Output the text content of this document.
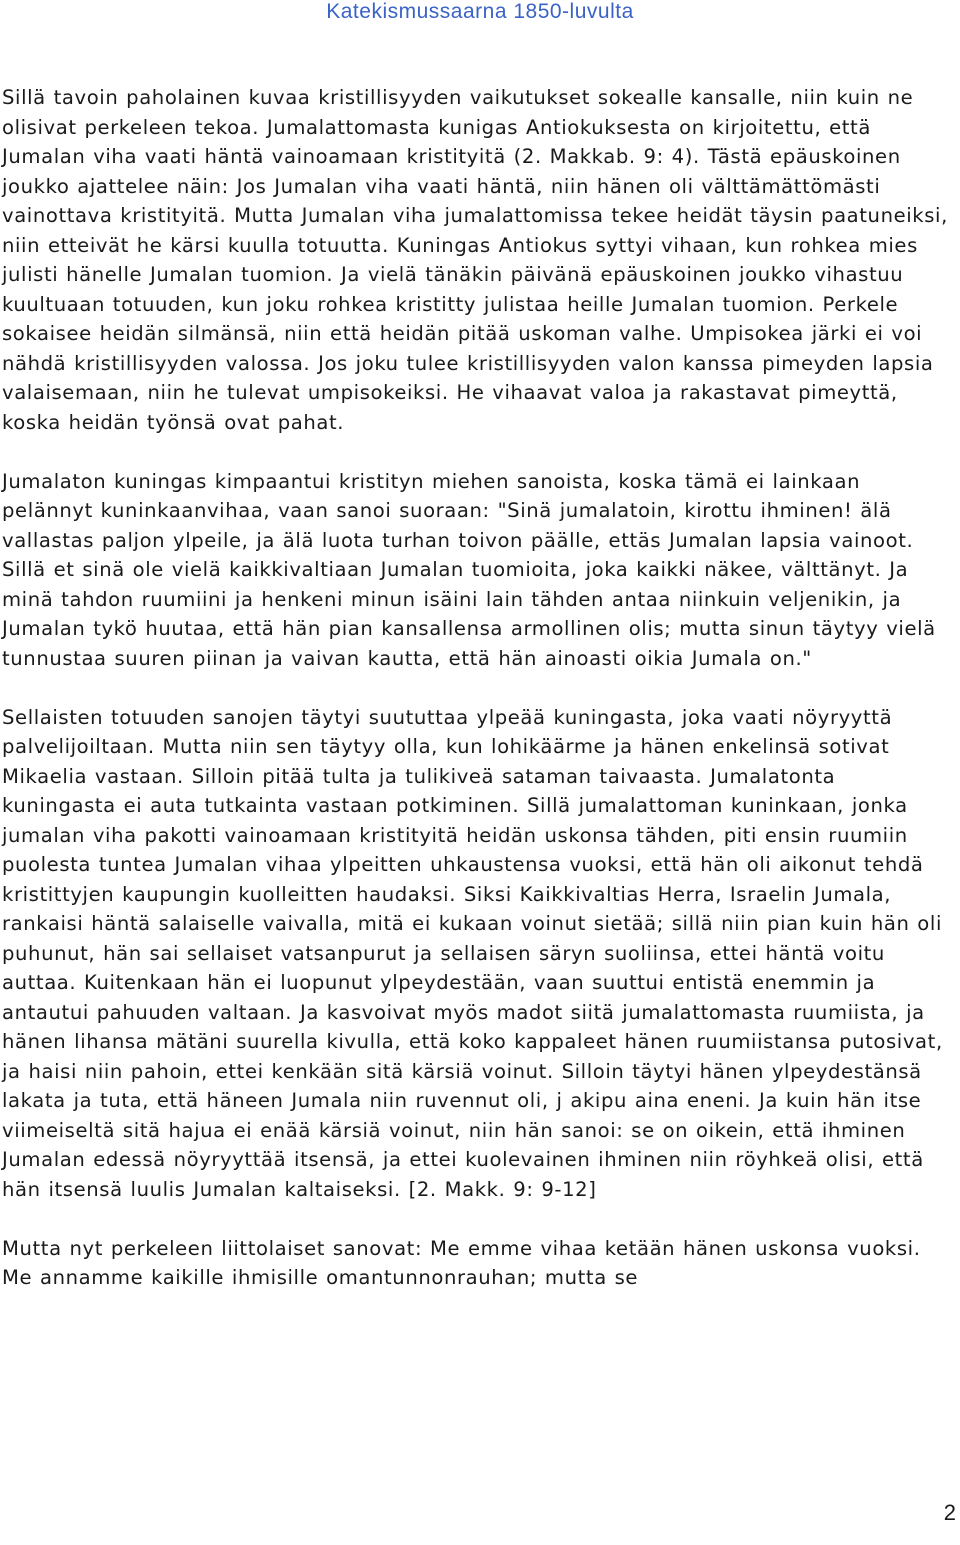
Katekismussaarna 1850-luvulta

Sillä tavoin paholainen kuvaa kristillisyyden vaikutukset sokealle kansalle, niin kuin ne olisivat perkeleen tekoa. Jumalattomasta kunigas Antiokuksesta on kirjoitettu, että Jumalan viha vaati häntä vainoamaan kristityitä (2. Makkab. 9: 4). Tästä epäuskoinen joukko ajattelee näin: Jos Jumalan viha vaati häntä, niin hänen oli välttämättömästi vainottava kristityitä. Mutta Jumalan viha jumalattomissa tekee heidät täysin paatuneiksi, niin etteivät he kärsi kuulla totuutta. Kuningas Antiokus syttyi vihaan, kun rohkea mies julisti hänelle Jumalan tuomion. Ja vielä tänäkin päivänä epäuskoinen joukko vihastuu kuultuaan totuuden, kun joku rohkea kristitty julistaa heille Jumalan tuomion. Perkele sokaisee heidän silmänsä, niin että heidän pitää uskoman valhe. Umpisokea järki ei voi nähdä kristillisyyden valossa. Jos joku tulee kristillisyyden valon kanssa pimeyden lapsia valaisemaan, niin he tulevat umpisokeiksi. He vihaavat valoa ja rakastavat pimeyttä, koska heidän työnsä ovat pahat.

Jumalaton kuningas kimpaantui kristityn miehen sanoista, koska tämä ei lainkaan pelännyt kuninkaanvihaa, vaan sanoi suoraan: "Sinä jumalatoin, kirottu ihminen! älä vallastas paljon ylpeile, ja älä luota turhan toivon päälle, ettäs Jumalan lapsia vainoot. Sillä et sinä ole vielä kaikkivaltiaan Jumalan tuomioita, joka kaikki näkee, välttänyt. Ja minä tahdon ruumiini ja henkeni minun isäini lain tähden antaa niinkuin veljenikin, ja Jumalan tykö huutaa, että hän pian kansallensa armollinen olis; mutta sinun täytyy vielä tunnustaa suuren piinan ja vaivan kautta, että hän ainoasti oikia Jumala on."

Sellaisten totuuden sanojen täytyi suututtaa ylpeää kuningasta, joka vaati nöyryyttä palvelijoiltaan. Mutta niin sen täytyy olla, kun lohikäärme ja hänen enkelinsä sotivat Mikaelia vastaan. Silloin pitää tulta ja tulikiveä sataman taivaasta. Jumalatonta kuningasta ei auta tutkainta vastaan potkiminen. Sillä jumalattoman kuninkaan, jonka jumalan viha pakotti vainoamaan kristityitä heidän uskonsa tähden, piti ensin ruumiin puolesta tuntea Jumalan vihaa ylpeitten uhkaustensa vuoksi, että hän oli aikonut tehdä kristittyjen kaupungin kuolleitten haudaksi. Siksi Kaikkivaltias Herra, Israelin Jumala, rankaisi häntä salaiselle vaivalla, mitä ei kukaan voinut sietää; sillä niin pian kuin hän oli puhunut, hän sai sellaiset vatsanpurut ja sellaisen säryn suoliinsa, ettei häntä voitu auttaa. Kuitenkaan hän ei luopunut ylpeydestään, vaan suuttui entistä enemmin ja antautui pahuuden valtaan. Ja kasvoivat myös madot siitä jumalattomasta ruumiista, ja hänen lihansa mätäni suurella kivulla, että koko kappaleet hänen ruumiistansa putosivat, ja haisi niin pahoin, ettei kenkään sitä kärsiä voinut. Silloin täytyi hänen ylpeydestänsä lakata ja tuta, että häneen Jumala niin ruvennut oli, j akipu aina eneni. Ja kuin hän itse viimeiseltä sitä hajua ei enää kärsiä voinut, niin hän sanoi: se on oikein, että ihminen Jumalan edessä nöyryyttää itsensä, ja ettei kuolevainen ihminen niin röyhkeä olisi, että hän itsensä luulis Jumalan kaltaiseksi. [2. Makk. 9: 9-12]

Mutta nyt perkeleen liittolaiset sanovat: Me emme vihaa ketään hänen uskonsa vuoksi. Me annamme kaikille ihmisille omantunnonrauhan; mutta se

2
